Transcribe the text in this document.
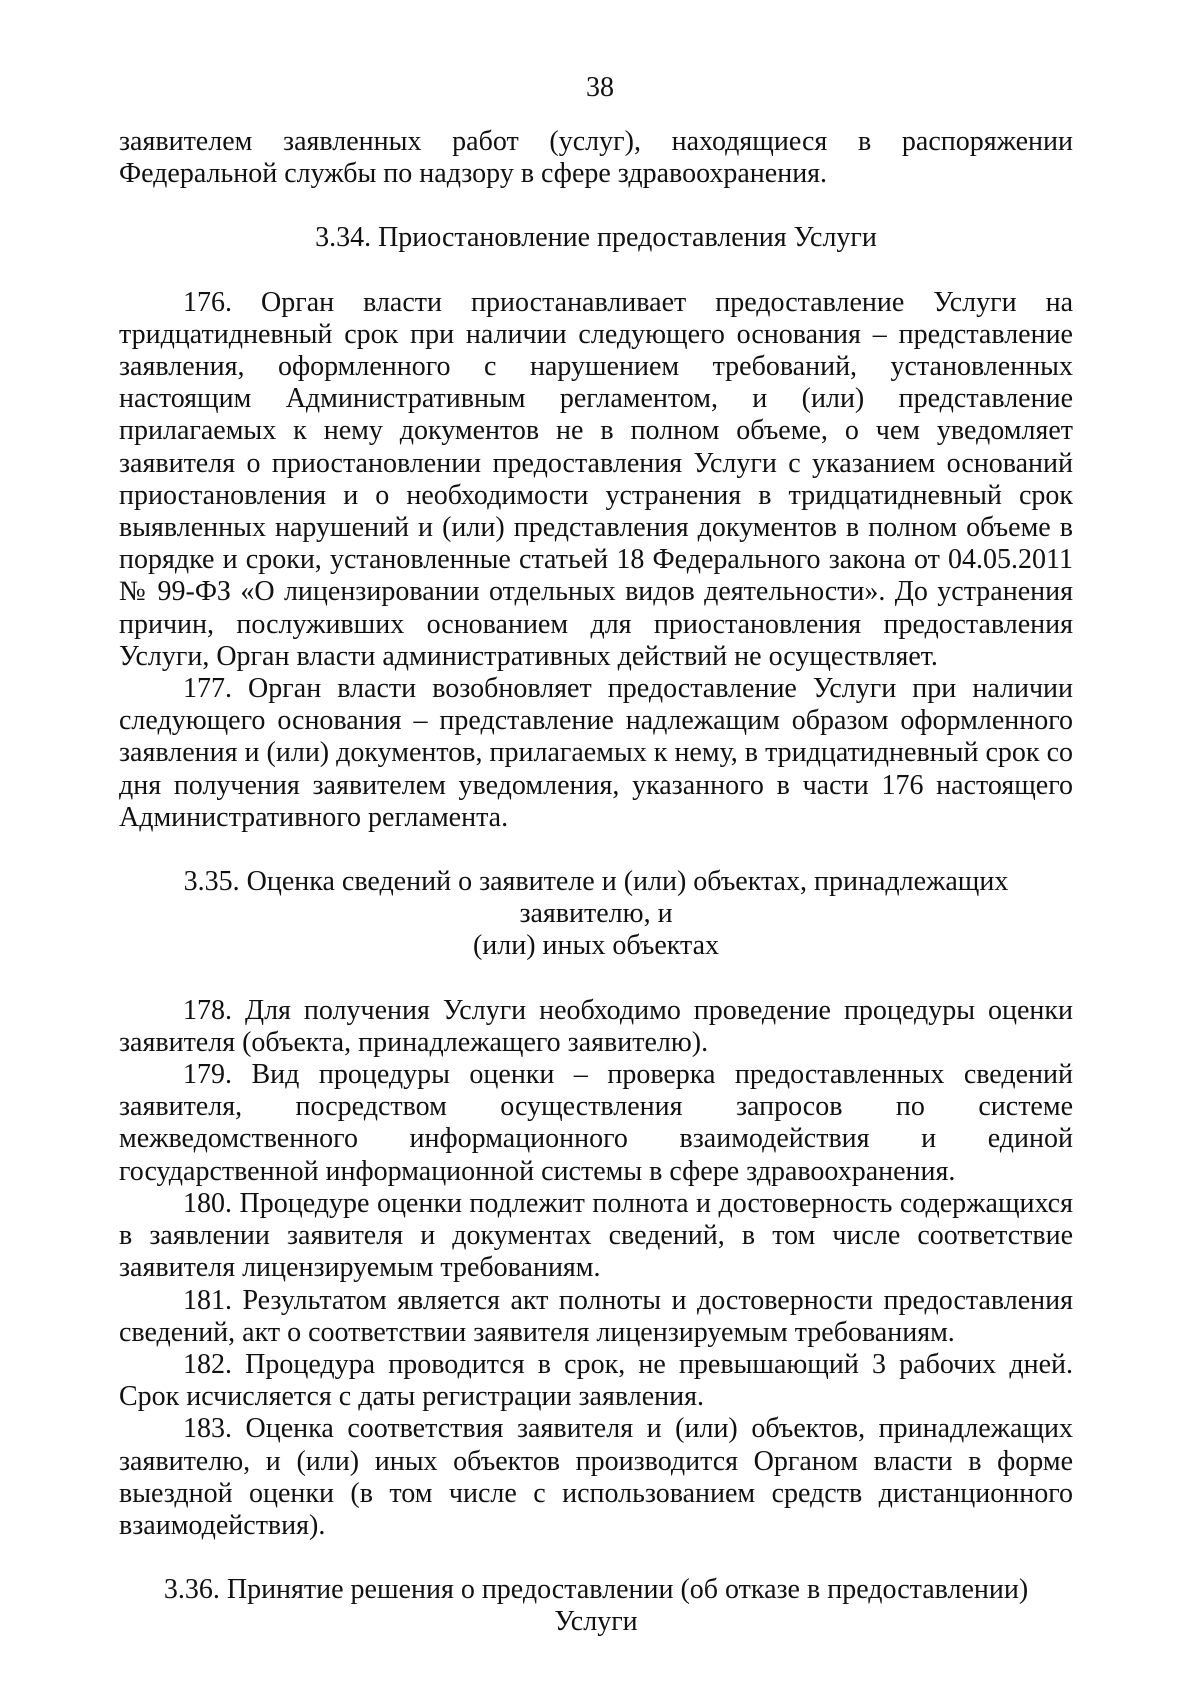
38

заявителем заявленных работ (услуг), находящиеся в распоряжении Федеральной службы по надзору в сфере здравоохранения.

3.34. Приостановление предоставления Услуги

176. Орган власти приостанавливает предоставление Услуги на тридцатидневный срок при наличии следующего основания – представление заявления, оформленного с нарушением требований, установленных настоящим Административным регламентом, и (или) представление прилагаемых к нему документов не в полном объеме, о чем уведомляет заявителя о приостановлении предоставления Услуги с указанием оснований приостановления и о необходимости устранения в тридцатидневный срок выявленных нарушений и (или) представления документов в полном объеме в порядке и сроки, установленные статьей 18 Федерального закона от 04.05.2011 № 99-ФЗ «О лицензировании отдельных видов деятельности». До устранения причин, послуживших основанием для приостановления предоставления Услуги, Орган власти административных действий не осуществляет.

177. Орган власти возобновляет предоставление Услуги при наличии следующего основания – представление надлежащим образом оформленного заявления и (или) документов, прилагаемых к нему, в тридцатидневный срок со дня получения заявителем уведомления, указанного в части 176 настоящего Административного регламента.

3.35. Оценка сведений о заявителе и (или) объектах, принадлежащих заявителю, и
(или) иных объектах

178. Для получения Услуги необходимо проведение процедуры оценки заявителя (объекта, принадлежащего заявителю).

179. Вид процедуры оценки – проверка предоставленных сведений заявителя, посредством осуществления запросов по системе межведомственного информационного взаимодействия и единой государственной информационной системы в сфере здравоохранения.

180. Процедуре оценки подлежит полнота и достоверность содержащихся в заявлении заявителя и документах сведений, в том числе соответствие заявителя лицензируемым требованиям.

181. Результатом является акт полноты и достоверности предоставления сведений, акт о соответствии заявителя лицензируемым требованиям.

182. Процедура проводится в срок, не превышающий 3 рабочих дней. Срок исчисляется с даты регистрации заявления.

183. Оценка соответствия заявителя и (или) объектов, принадлежащих заявителю, и (или) иных объектов производится Органом власти в форме выездной оценки (в том числе с использованием средств дистанционного взаимодействия).

3.36. Принятие решения о предоставлении (об отказе в предоставлении) Услуги
